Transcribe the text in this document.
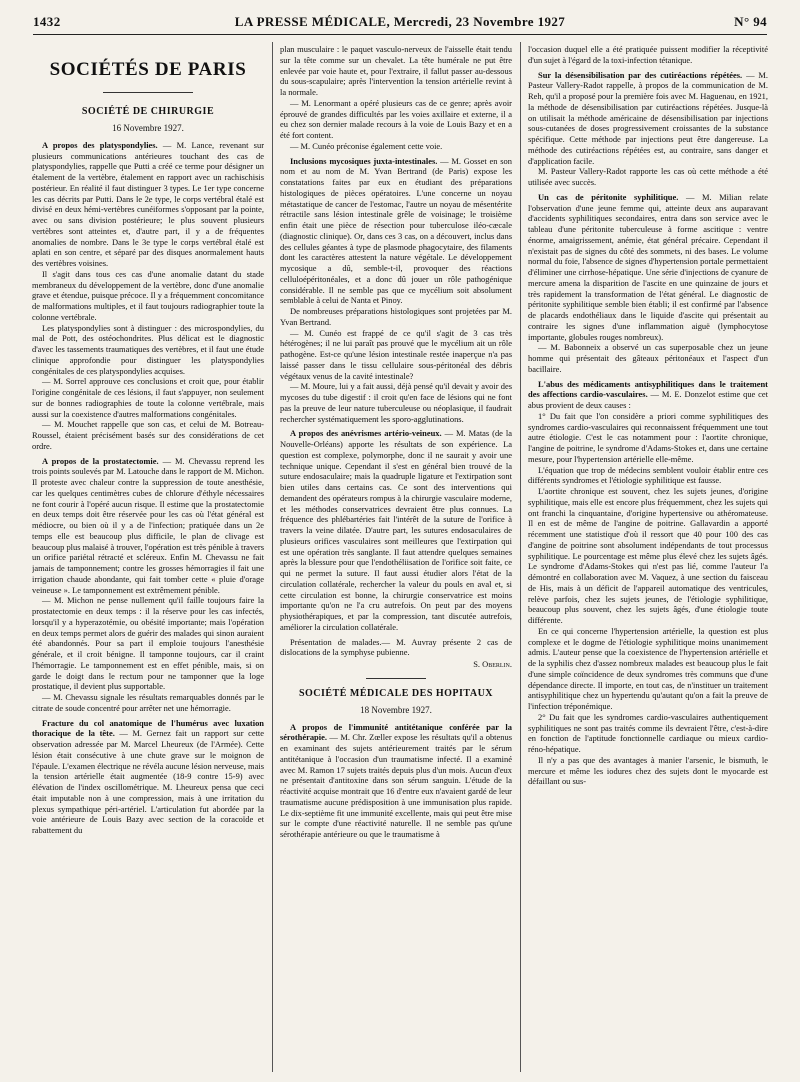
1432	LA PRESSE MÉDICALE, Mercredi, 23 Novembre 1927	N° 94
SOCIÉTÉS DE PARIS
SOCIÉTÉ DE CHIRURGIE
16 Novembre 1927.

A propos des platyspondylies. — M. Lance, revenant sur plusieurs communications antérieures touchant des cas de platyspondylies, rappelle que Putti a créé ce terme pour désigner un étalement de la vertèbre, étalement en rapport avec un rachischisis postérieur. En réalité il faut distinguer 3 types. Le 1er type concerne les cas décrits par Putti. Dans le 2e type, le corps vertébral étalé est divisé en deux hémi-vertèbres cunéiformes s'opposant par la pointe, avec ou sans division postérieure; le plus souvent plusieurs vertèbres sont atteintes et, d'autre part, il y a de fréquentes anomalies de nombre. Dans le 3e type le corps vertébral étalé est aplati en son centre, et séparé par des disques anormalement hauts des vertèbres voisines.

Il s'agit dans tous ces cas d'une anomalie datant du stade membraneux du développement de la vertèbre, donc d'une anomalie grave et étendue, puisque précoce. Il y a fréquemment concomitance de malformations multiples, et il faut toujours radiographier toute la colonne vertébrale.

Les platyspondylies sont à distinguer : des microspondylies, du mal de Pott, des ostéochondrites. Plus délicat est le diagnostic d'avec les tassements traumatiques des vertèbres, et il faut une étude clinique approfondie pour distinguer les platyspondylies congénitales de ces platyspondylies acquises.

— M. Sorrel approuve ces conclusions et croit que, pour établir l'origine congénitale de ces lésions, il faut s'appuyer, non seulement sur de bonnes radiographies de toute la colonne vertébrale, mais aussi sur la coexistence d'autres malformations congénitales.

— M. Mouchet rappelle que son cas, et celui de M. Botreau-Roussel, étaient précisément basés sur des considérations de cet ordre.

A propos de la prostatectomie. — M. Chevassu reprend les trois points soulevés par M. Latouche dans le rapport de M. Michon. Il proteste avec chaleur contre la suppression de toute anesthésie, car les quelques centimètres cubes de chlorure d'éthyle nécessaires ne font courir à l'opéré aucun risque. Il estime que la prostatectomie en deux temps doit être réservée pour les cas où l'état général est médiocre, ou bien où il y a de l'infection; pratiquée dans un 2e temps elle est beaucoup plus difficile, le plan de clivage est beaucoup plus malaisé à trouver, l'opération est très pénible à travers un orifice pariétal rétracté et scléreux. Enfin M. Chevassu ne fait jamais de tamponnement; contre les grosses hémorragies il fait une irrigation chaude abondante, qui fait tomber cette « pluie d'orage veineuse ». Le tamponnement est extrêmement pénible.

— M. Michon ne pense nullement qu'il faille toujours faire la prostatectomie en deux temps : il la réserve pour les cas infectés, lorsqu'il y a hyperazotémie, ou obésité importante; mais l'opération en deux temps permet alors de guérir des malades qui sinon auraient été abandonnés. Pour sa part il emploie toujours l'anesthésie générale, et il croit bénigne. Il tamponne toujours, car il craint l'hémorragie. Le tamponnement est en effet pénible, mais, si on garde le doigt dans le rectum pour ne tamponner que la loge prostatique, il devient plus supportable.

— M. Chevassu signale les résultats remarquables donnés par le citrate de soude concentré pour arrêter net une hémorragie.

Fracture du col anatomique de l'humérus avec luxation thoracique de la tête. — M. Gernez fait un rapport sur cette observation adressée par M. Marcel Lheureux (de l'Armée). Cette lésion était consécutive à une chute grave sur le moignon de l'épaule. L'examen électrique ne révéla aucune lésion nerveuse, mais la tension artérielle était augmentée (18-9 contre 15-9) avec élévation de l'index oscillométrique. M. Lheureux pensa que ceci était imputable non à une compression, mais à une irritation du plexus sympathique péri-artériel. L'articulation fut abordée par la voie antérieure de Louis Bazy avec section de la coracoïde et rabattement du

plan musculaire : le paquet vasculo-nerveux de l'aisselle était tendu sur la tête comme sur un chevalet. La tête humérale ne put être enlevée par voie haute et, pour l'extraire, il fallut passer au-dessous du sous-scapulaire; après l'intervention la tension artérielle revint à la normale.

— M. Lenormant a opéré plusieurs cas de ce genre; après avoir éprouvé de grandes difficultés par les voies axillaire et externe, il a eu chez son dernier malade recours à la voie de Louis Bazy et en a été fort content.

— M. Cunéo préconise également cette voie.

Inclusions mycosiques juxta-intestinales. — M. Gosset en son nom et au nom de M. Yvan Bertrand (de Paris) expose les constatations faites par eux en étudiant des préparations histologiques de pièces opératoires. L'une concerne un noyau métastatique de cancer de l'estomac, l'autre un noyau de mésentérite rétractile sans lésion intestinale grêle de voisinage; le troisième enfin était une pièce de résection pour tuberculose iléo-cæcale (diagnostic clinique). Or, dans ces 3 cas, on a découvert, inclus dans des cellules géantes à type de plasmode phagocytaire, des filaments dont les caractères attestent la nature végétale. Le développement mycosique a dû, semble-t-il, provoquer des réactions celluloépéritonéales, et a donc dû jouer un rôle pathogénique considérable. Il ne semble pas que ce mycélium soit absolument semblable à celui de Nanta et Pinoy.

De nombreuses préparations histologiques sont projetées par M. Yvan Bertrand.

— M. Cunéo est frappé de ce qu'il s'agit de 3 cas très hétérogènes; il ne lui paraît pas prouvé que le mycélium ait un rôle pathogène. Est-ce qu'une lésion intestinale restée inaperçue n'a pas laissé passer dans le tissu cellulaire sous-péritonéal des débris végétaux venus de la cavité intestinale?

— M. Moure, lui y a fait aussi, déjà pensé qu'il devait y avoir des mycoses du tube digestif : il croit qu'en face de lésions qui ne font pas la preuve de leur nature tuberculeuse ou néoplasique, il faudrait rechercher systématiquement les sporo-agglutinations.

A propos des anévrismes artério-veineux. — M. Matas (de la Nouvelle-Orléans) apporte les résultats de son expérience. La question est complexe, polymorphe, donc il ne saurait y avoir une technique unique. Cependant il s'est en général bien trouvé de la suture endosaculaire; mais la quadruple ligature et l'extirpation sont bien utiles dans certains cas. Ce sont des interventions qui demandent des opérateurs rompus à la chirurgie vasculaire moderne, et les méthodes conservatrices devraient être plus connues. La fréquence des phlébartéries fait l'intérêt de la suture de l'orifice à travers la veine dilatée. D'autre part, les sutures endosaculaires de plusieurs orifices vasculaires sont meilleures que l'extirpation qui est une opération très sanglante. Il faut attendre quelques semaines après la blessure pour que l'endothéliisation de l'orifice soit faite, ce qui ne permet la suture. Il faut aussi étudier alors l'état de la circulation collatérale, rechercher la valeur du pouls en aval et, si cette circulation est bonne, la chirurgie conservatrice est moins importante qu'on ne l'a cru autrefois. On peut par des moyens physiothérapiques, et par la compression, tant discutée autrefois, améliorer la circulation collatérale.

Présentation de malades.— M. Auvray présente 2 cas de dislocations de la symphyse pubienne.

S. Oberlin.
SOCIÉTÉ MÉDICALE DES HOPITAUX
18 Novembre 1927.

A propos de l'immunité antitétanique conférée par la sérothérapie. — M. Chr. Zœller expose les résultats qu'il a obtenus en examinant des sujets antérieurement traités par le sérum antitétanique à l'occasion d'un traumatisme infecté. Il a examiné avec M. Ramon 17 sujets traités depuis plus d'un mois. Aucun d'eux ne présentait d'antitoxine dans son sérum sanguin. L'étude de la réactivité acquise montrait que 16 d'entre eux n'avaient gardé de leur traumatisme aucune prédisposition à une immunisation plus rapide. Le dix-septième fit une immunité excellente, mais qui peut être mise sur le compte d'une réactivité naturelle. Il ne semble pas qu'une sérothérapie antérieure ou que le traumatisme à

l'occasion duquel elle a été pratiquée puissent modifier la réceptivité d'un sujet à l'égard de la toxi-infection tétanique.

Sur la désensibilisation par des cutiréactions répétées. — M. Pasteur Vallery-Radot rappelle, à propos de la communication de M. Reh, qu'il a proposé pour la première fois avec M. Haguenau, en 1921, la méthode de désensibilisation par cutiréactions répétées. Jusque-là on utilisait la méthode américaine de désensibilisation par injections sous-cutanées de doses progressivement croissantes de la substance spécifique. Cette méthode par injections peut être dangereuse. La méthode des cutiréactions répétées est, au contraire, sans danger et d'application facile.

M. Pasteur Vallery-Radot rapporte les cas où cette méthode a été utilisée avec succès.

Un cas de péritonite syphilitique. — M. Milian relate l'observation d'une jeune femme qui, atteinte deux ans auparavant d'accidents syphilitiques secondaires, entra dans son service avec le tableau d'une péritonite tuberculeuse à forme ascitique : ventre énorme, amaigrissement, anémie, état général précaire. Cependant il n'existait pas de signes du côté des sommets, ni des bases. Le volume normal du foie, l'absence de signes d'hypertension portale permettaient d'éliminer une cirrhose-hépatique. Une série d'injections de cyanure de mercure amena la disparition de l'ascite en une quinzaine de jours et très rapidement la transformation de l'état général. Le diagnostic de péritonite syphilitique semble bien établi; il est confirmé par l'absence de placards endothéliaux dans le liquide d'ascite qui présentait au contraire les signes d'une inflammation aiguë (lymphocytose importante, globules rouges nombreux).

— M. Babonneix a observé un cas superposable chez un jeune homme qui présentait des gâteaux péritonéaux et l'aspect d'un bacillaire.

L'abus des médicaments antisyphilitiques dans le traitement des affections cardio-vasculaires. — M. E. Donzelot estime que cet abus provient de deux causes :

1° Du fait que l'on considère a priori comme syphilitiques des syndromes cardio-vasculaires qui reconnaissent fréquemment une tout autre étiologie. C'est le cas notamment pour : l'aortite chronique, l'angine de poitrine, le syndrome d'Adams-Stokes et, dans une certaine mesure, pour l'hypertension artérielle elle-même.

L'équation que trop de médecins semblent vouloir établir entre ces différents syndromes et l'étiologie syphilitique est fausse.

L'aortite chronique est souvent, chez les sujets jeunes, d'origine syphilitique, mais elle est encore plus fréquemment, chez les sujets qui ont franchi la cinquantaine, d'origine hypertensive ou athéromateuse. Il en est de même de l'angine de poitrine. Gallavardin a apporté récemment une statistique d'où il ressort que 40 pour 100 des cas d'angine de poitrine sont absolument indépendants de tout processus syphilitique. Le pourcentage est même plus élevé chez les sujets âgés. Le syndrome d'Adams-Stokes qui n'est pas lié, comme l'auteur l'a démontré en collaboration avec M. Vaquez, à une section du faisceau de His, mais à un déficit de l'appareil automatique des ventricules, relève parfois, chez les sujets jeunes, de l'étiologie syphilitique, beaucoup plus souvent, chez les sujets âgés, d'une étiologie toute différente.

En ce qui concerne l'hypertension artérielle, la question est plus complexe et le dogme de l'étiologie syphilitique moins unanimement admis. L'auteur pense que la coexistence de l'hypertension artérielle et de la syphilis chez d'assez nombreux malades est beaucoup plus le fait d'une simple coïncidence de deux syndromes très communs que d'une dépendance directe. Il importe, en tout cas, de n'instituer un traitement antisyphilitique chez un hypertendu qu'autant qu'on a fait la preuve de l'infection tréponémique.

2° Du fait que les syndromes cardio-vasculaires authentiquement syphilitiques ne sont pas traités comme ils devraient l'être, c'est-à-dire en fonction de l'aptitude fonctionnelle cardiaque ou mieux cardio-réno-hépatique.

Il n'y a pas que des avantages à manier l'arsenic, le bismuth, le mercure et même les iodures chez des sujets dont le myocarde est défaillant ou sus-
